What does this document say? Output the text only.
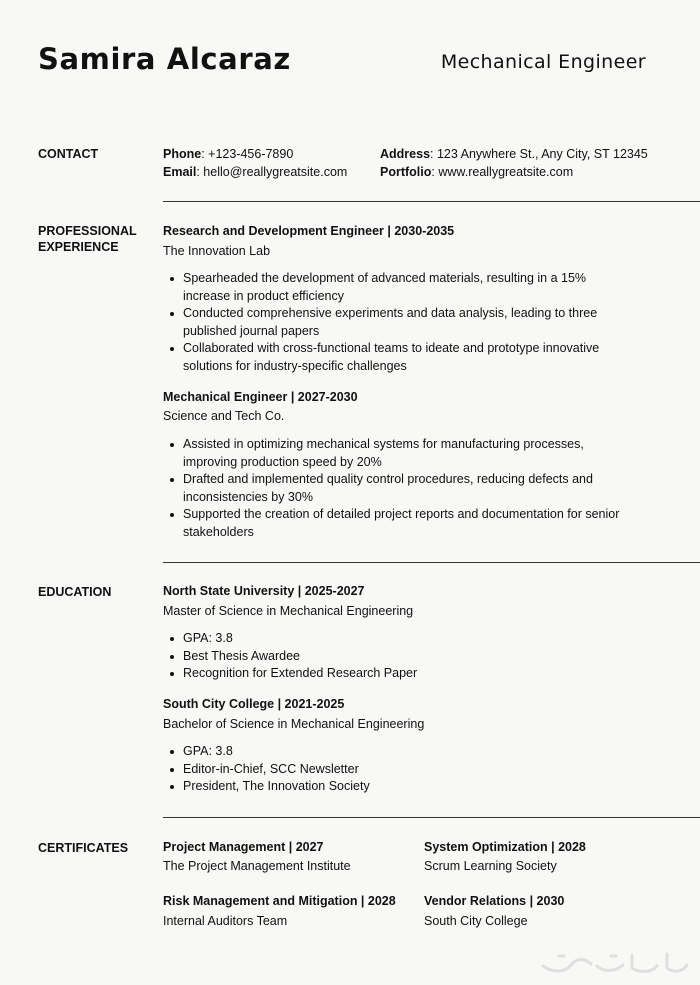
Samira Alcaraz	Mechanical Engineer
CONTACT	Phone: +123-456-7890
Email: hello@reallygreatsite.com
Address: 123 Anywhere St., Any City, ST 12345
Portfolio: www.reallygreatsite.com
PROFESSIONAL
EXPERIENCE
Research and Development Engineer | 2030-2035
The Innovation Lab
Spearheaded the development of advanced materials, resulting in a 15% increase in product efficiency
Conducted comprehensive experiments and data analysis, leading to three published journal papers
Collaborated with cross-functional teams to ideate and prototype innovative solutions for industry-specific challenges
Mechanical Engineer | 2027-2030
Science and Tech Co.
Assisted in optimizing mechanical systems for manufacturing processes, improving production speed by 20%
Drafted and implemented quality control procedures, reducing defects and inconsistencies by 30%
Supported the creation of detailed project reports and documentation for senior stakeholders
EDUCATION	North State University | 2025-2027
Master of Science in Mechanical Engineering
GPA: 3.8
Best Thesis Awardee
Recognition for Extended Research Paper
South City College | 2021-2025
Bachelor of Science in Mechanical Engineering
GPA: 3.8
Editor-in-Chief, SCC Newsletter
President, The Innovation Society
CERTIFICATES	Project Management | 2027
The Project Management Institute
System Optimization | 2028
Scrum Learning Society
Risk Management and Mitigation | 2028
Internal Auditors Team
Vendor Relations | 2030
South City College
